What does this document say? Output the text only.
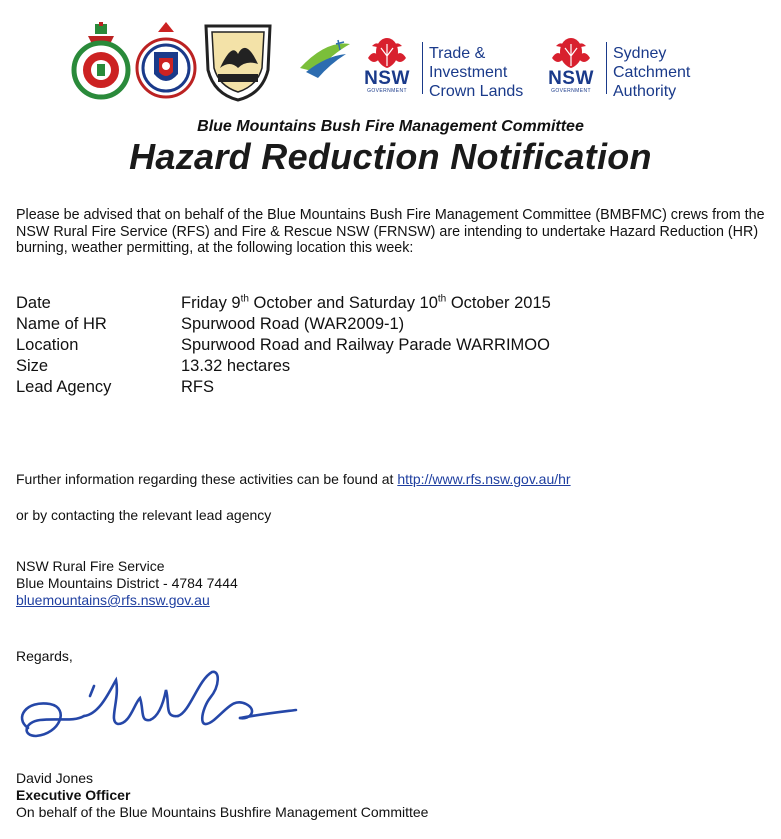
NSW
GOVERNMENT
Trade &
Investment
Crown Lands
NSW
GOVERNMENT
Sydney
Catchment
Authority
Blue Mountains Bush Fire Management Committee
Hazard Reduction Notification
Please be advised that on behalf of the Blue Mountains Bush Fire Management Committee (BMBFMC) crews from the NSW Rural Fire Service (RFS) and Fire & Rescue NSW (FRNSW) are intending to undertake Hazard Reduction (HR) burning, weather permitting, at the following location this week:
Date	Friday 9th October and Saturday 10th October 2015
Name of HR	Spurwood Road (WAR2009-1)
Location	Spurwood Road and Railway Parade WARRIMOO
Size	13.32 hectares
Lead Agency	RFS
Further information regarding these activities can be found at http://www.rfs.nsw.gov.au/hr
or by contacting the relevant lead agency
NSW Rural Fire Service
Blue Mountains District - 4784 7444
bluemountains@rfs.nsw.gov.au
Regards,
David Jones
Executive Officer
On behalf of the Blue Mountains Bushfire Management Committee
